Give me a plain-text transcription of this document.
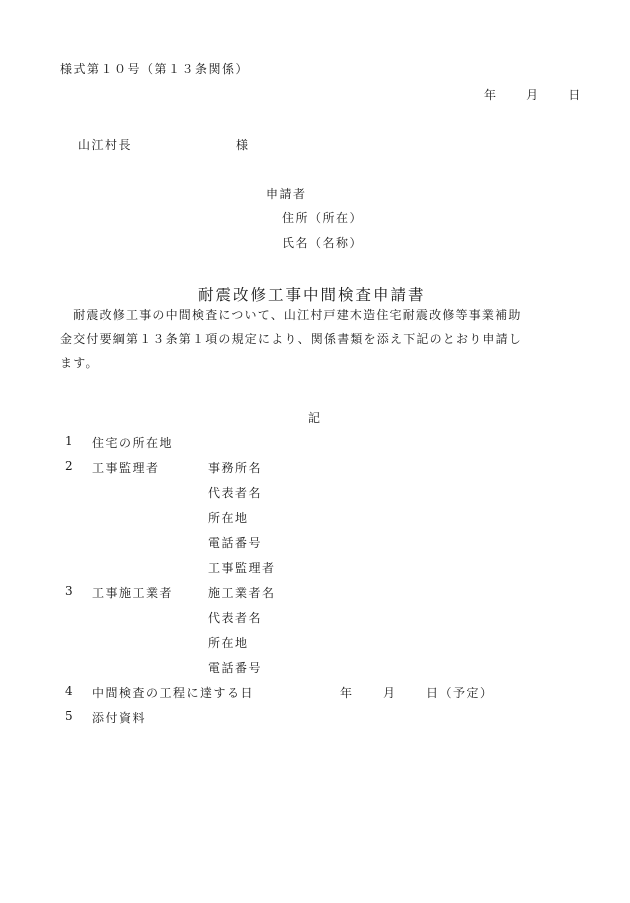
様式第１０号（第１３条関係）
年 月 日
山江村長	様
申請者
住所（所在）
氏名（名称）
耐震改修工事中間検査申請書
　耐震改修工事の中間検査について、山江村戸建木造住宅耐震改修等事業補助
金交付要綱第１３条第１項の規定により、関係書類を添え下記のとおり申請し
ます。
記
1 住宅の所在地
2 工事監理者	事務所名
代表者名
所在地
電話番号
工事監理者
3 工事施工業者	施工業者名
代表者名
所在地
電話番号
4 中間検査の工程に達する日	年 月 日（予定）
5 添付資料
